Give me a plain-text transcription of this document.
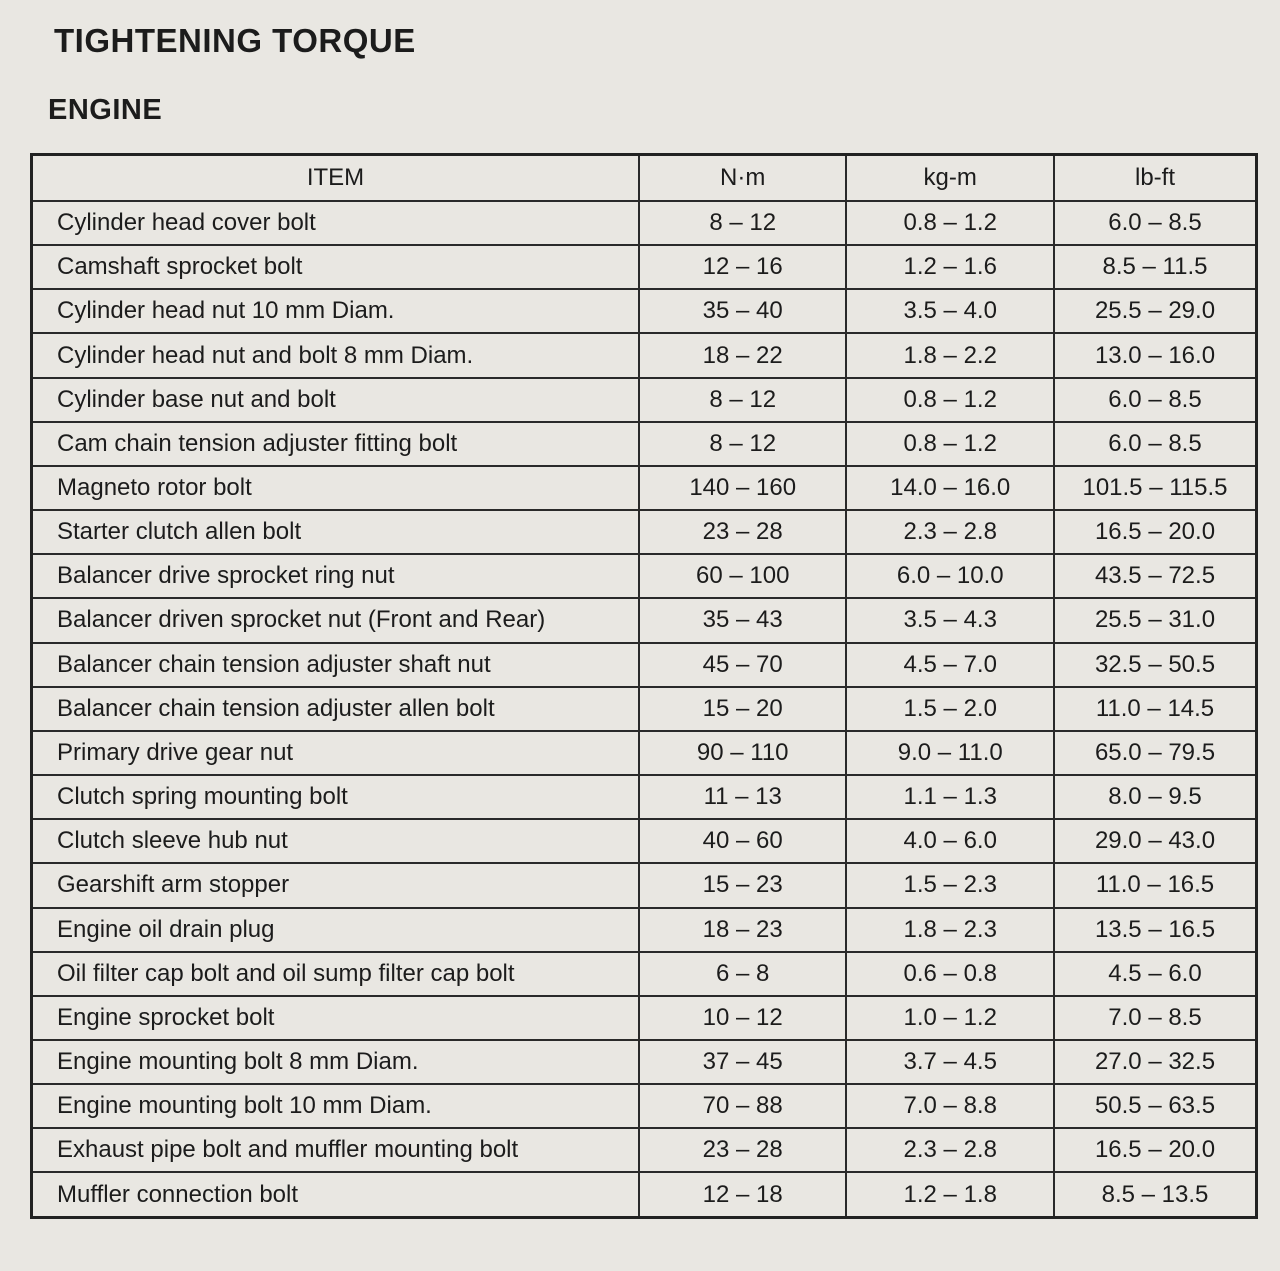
TIGHTENING TORQUE
ENGINE
ITEM	N·m	kg-m	lb-ft
Cylinder head cover bolt	8 – 12	0.8 – 1.2	6.0 – 8.5
Camshaft sprocket bolt	12 – 16	1.2 – 1.6	8.5 – 11.5
Cylinder head nut 10 mm Diam.	35 – 40	3.5 – 4.0	25.5 – 29.0
Cylinder head nut and bolt 8 mm Diam.	18 – 22	1.8 – 2.2	13.0 – 16.0
Cylinder base nut and bolt	8 – 12	0.8 – 1.2	6.0 – 8.5
Cam chain tension adjuster fitting bolt	8 – 12	0.8 – 1.2	6.0 – 8.5
Magneto rotor bolt	140 – 160	14.0 – 16.0	101.5 – 115.5
Starter clutch allen bolt	23 – 28	2.3 – 2.8	16.5 – 20.0
Balancer drive sprocket ring nut	60 – 100	6.0 – 10.0	43.5 – 72.5
Balancer driven sprocket nut (Front and Rear)	35 – 43	3.5 – 4.3	25.5 – 31.0
Balancer chain tension adjuster shaft nut	45 – 70	4.5 – 7.0	32.5 – 50.5
Balancer chain tension adjuster allen bolt	15 – 20	1.5 – 2.0	11.0 – 14.5
Primary drive gear nut	90 – 110	9.0 – 11.0	65.0 – 79.5
Clutch spring mounting bolt	11 – 13	1.1 – 1.3	8.0 – 9.5
Clutch sleeve hub nut	40 – 60	4.0 – 6.0	29.0 – 43.0
Gearshift arm stopper	15 – 23	1.5 – 2.3	11.0 – 16.5
Engine oil drain plug	18 – 23	1.8 – 2.3	13.5 – 16.5
Oil filter cap bolt and oil sump filter cap bolt	6 – 8	0.6 – 0.8	4.5 – 6.0
Engine sprocket bolt	10 – 12	1.0 – 1.2	7.0 – 8.5
Engine mounting bolt 8 mm Diam.	37 – 45	3.7 – 4.5	27.0 – 32.5
Engine mounting bolt 10 mm Diam.	70 – 88	7.0 – 8.8	50.5 – 63.5
Exhaust pipe bolt and muffler mounting bolt	23 – 28	2.3 – 2.8	16.5 – 20.0
Muffler connection bolt	12 – 18	1.2 – 1.8	8.5 – 13.5
